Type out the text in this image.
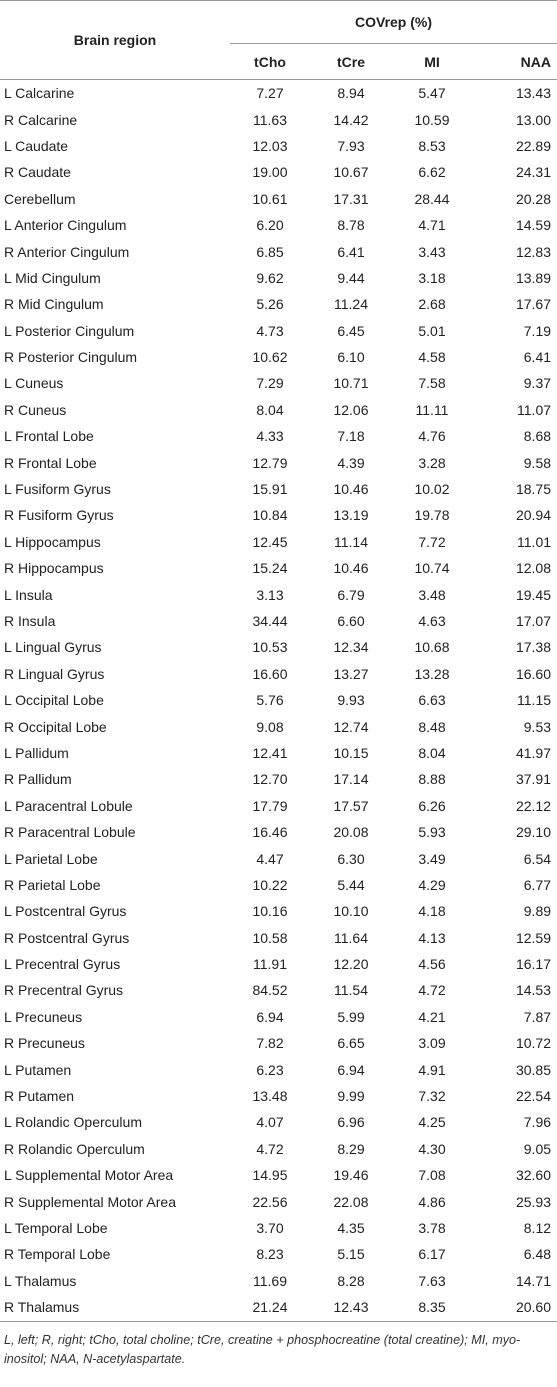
Brain region	COVrep (%)			
	tCho	tCre	MI	NAA
L Calcarine	7.27	8.94	5.47	13.43
R Calcarine	11.63	14.42	10.59	13.00
L Caudate	12.03	7.93	8.53	22.89
R Caudate	19.00	10.67	6.62	24.31
Cerebellum	10.61	17.31	28.44	20.28
L Anterior Cingulum	6.20	8.78	4.71	14.59
R Anterior Cingulum	6.85	6.41	3.43	12.83
L Mid Cingulum	9.62	9.44	3.18	13.89
R Mid Cingulum	5.26	11.24	2.68	17.67
L Posterior Cingulum	4.73	6.45	5.01	7.19
R Posterior Cingulum	10.62	6.10	4.58	6.41
L Cuneus	7.29	10.71	7.58	9.37
R Cuneus	8.04	12.06	11.11	11.07
L Frontal Lobe	4.33	7.18	4.76	8.68
R Frontal Lobe	12.79	4.39	3.28	9.58
L Fusiform Gyrus	15.91	10.46	10.02	18.75
R Fusiform Gyrus	10.84	13.19	19.78	20.94
L Hippocampus	12.45	11.14	7.72	11.01
R Hippocampus	15.24	10.46	10.74	12.08
L Insula	3.13	6.79	3.48	19.45
R Insula	34.44	6.60	4.63	17.07
L Lingual Gyrus	10.53	12.34	10.68	17.38
R Lingual Gyrus	16.60	13.27	13.28	16.60
L Occipital Lobe	5.76	9.93	6.63	11.15
R Occipital Lobe	9.08	12.74	8.48	9.53
L Pallidum	12.41	10.15	8.04	41.97
R Pallidum	12.70	17.14	8.88	37.91
L Paracentral Lobule	17.79	17.57	6.26	22.12
R Paracentral Lobule	16.46	20.08	5.93	29.10
L Parietal Lobe	4.47	6.30	3.49	6.54
R Parietal Lobe	10.22	5.44	4.29	6.77
L Postcentral Gyrus	10.16	10.10	4.18	9.89
R Postcentral Gyrus	10.58	11.64	4.13	12.59
L Precentral Gyrus	11.91	12.20	4.56	16.17
R Precentral Gyrus	84.52	11.54	4.72	14.53
L Precuneus	6.94	5.99	4.21	7.87
R Precuneus	7.82	6.65	3.09	10.72
L Putamen	6.23	6.94	4.91	30.85
R Putamen	13.48	9.99	7.32	22.54
L Rolandic Operculum	4.07	6.96	4.25	7.96
R Rolandic Operculum	4.72	8.29	4.30	9.05
L Supplemental Motor Area	14.95	19.46	7.08	32.60
R Supplemental Motor Area	22.56	22.08	4.86	25.93
L Temporal Lobe	3.70	4.35	3.78	8.12
R Temporal Lobe	8.23	5.15	6.17	6.48
L Thalamus	11.69	8.28	7.63	14.71
R Thalamus	21.24	12.43	8.35	20.60
L, left; R, right; tCho, total choline; tCre, creatine + phosphocreatine (total creatine); MI, myo-inositol; NAA, N-acetylaspartate.
